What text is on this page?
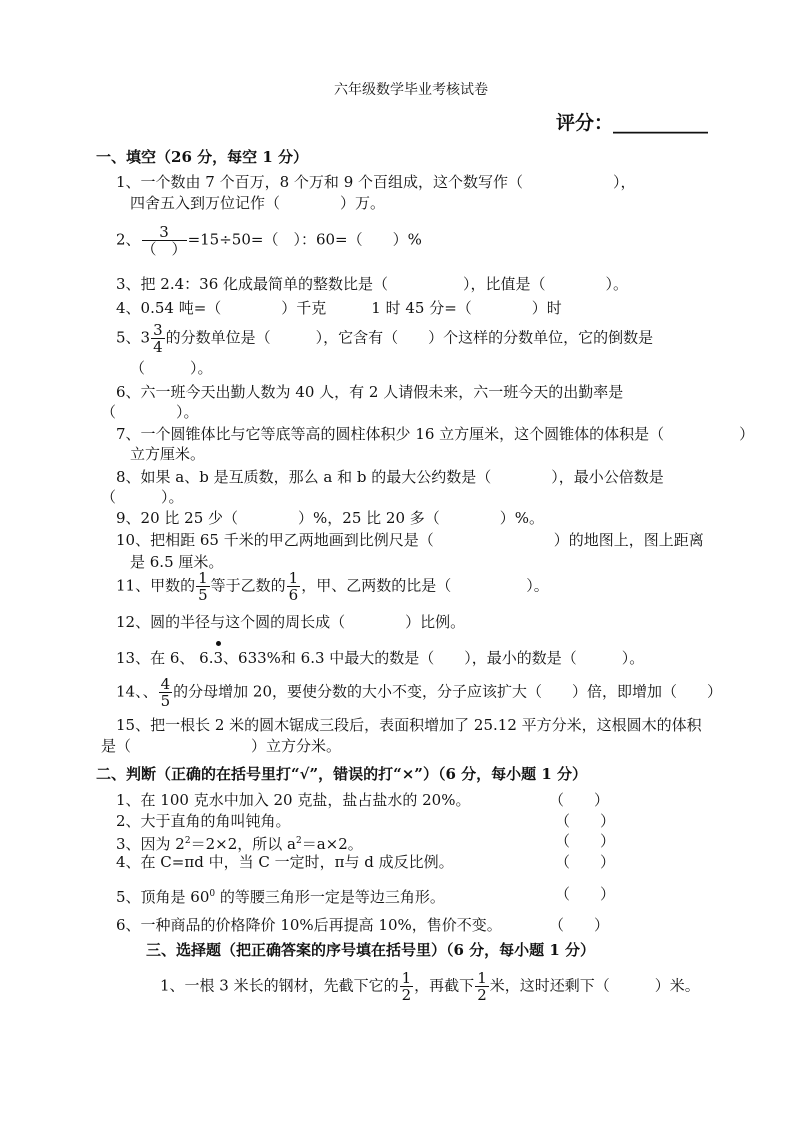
六年级数学毕业考核试卷
评分：__________
一、填空（26 分，每空 1 分）
1、一个数由 7 个百万，8 个万和 9 个百组成，这个数写作（　　　　　　），
四舍五入到万位记作（　　　　）万。
2、 $\frac{3}{( )} =15\div 50=$（　）：60=（　　）%
3、把 2.4：36 化成最简单的整数比是（　　　　　），比值是（　　　　）。
4、0.54 吨=（　　　　）千克　　　1 时 45 分=（　　　　）时
5、$3 \frac{3}{4}$ 的分数单位是（　　　），它含有（　　）个这样的分数单位，它的倒数是
（　　　）。
6、六一班今天出勤人数为 40 人，有 2 人请假未来，六一班今天的出勤率是
（　　　　）。
7、一个圆锥体比与它等底等高的圆柱体积少 16 立方厘米，这个圆锥体的体积是（　　　　　）
立方厘米。
8、如果 a、b 是互质数，那么 a 和 b 的最大公约数是（　　　　），最小公倍数是
（　　　）。
9、20 比 25 少（　　　　）%，25 比 20 多（　　　　）%。
10、把相距 65 千米的甲乙两地画到比例尺是（　　　　　　　　）的地图上，图上距离
是 6.5 厘米。
11、甲数的 $\frac{1}{5}$ 等于乙数的 $\frac{1}{6}$ ，甲、乙两数的比是（　　　　　）。
12、圆的半径与这个圆的周长成（　　　　）比例。
13、在 6、 6.3、633%和 6.3 中最大的数是（　　），最小的数是（　　　）。
14、、 $\frac{4}{5}$ 的分母增加 20，要使分数的大小不变，分子应该扩大（　　）倍，即增加（　　）
15、把一根长 2 米的圆木锯成三段后，表面积增加了 25.12 平方分米，这根圆木的体积
是（　　　　　　　　）立方分米。
二、判断（正确的在括号里打“√”，错误的打“×”）（6 分，每小题 1 分）
1、在 100 克水中加入 20 克盐，盐占盐水的 20%。	（　　）
2、大于直角的角叫钝角。	（　　）
3、因为 $2^2=2\times 2$，所以 $a^2=a\times 2$。	（　　）
4、在 C=πd 中，当 C 一定时，π与 d 成反比例。	（　　）
5、顶角是 $60^0$ 的等腰三角形一定是等边三角形。	（　　）
6、一种商品的价格降价 10%后再提高 10%，售价不变。	（　　）
三、选择题（把正确答案的序号填在括号里）（6 分，每小题 1 分）
1、一根 3 米长的钢材，先截下它的 $\frac{1}{2}$ ，再截下 $\frac{1}{2}$ 米，这时还剩下（　　　）米。
